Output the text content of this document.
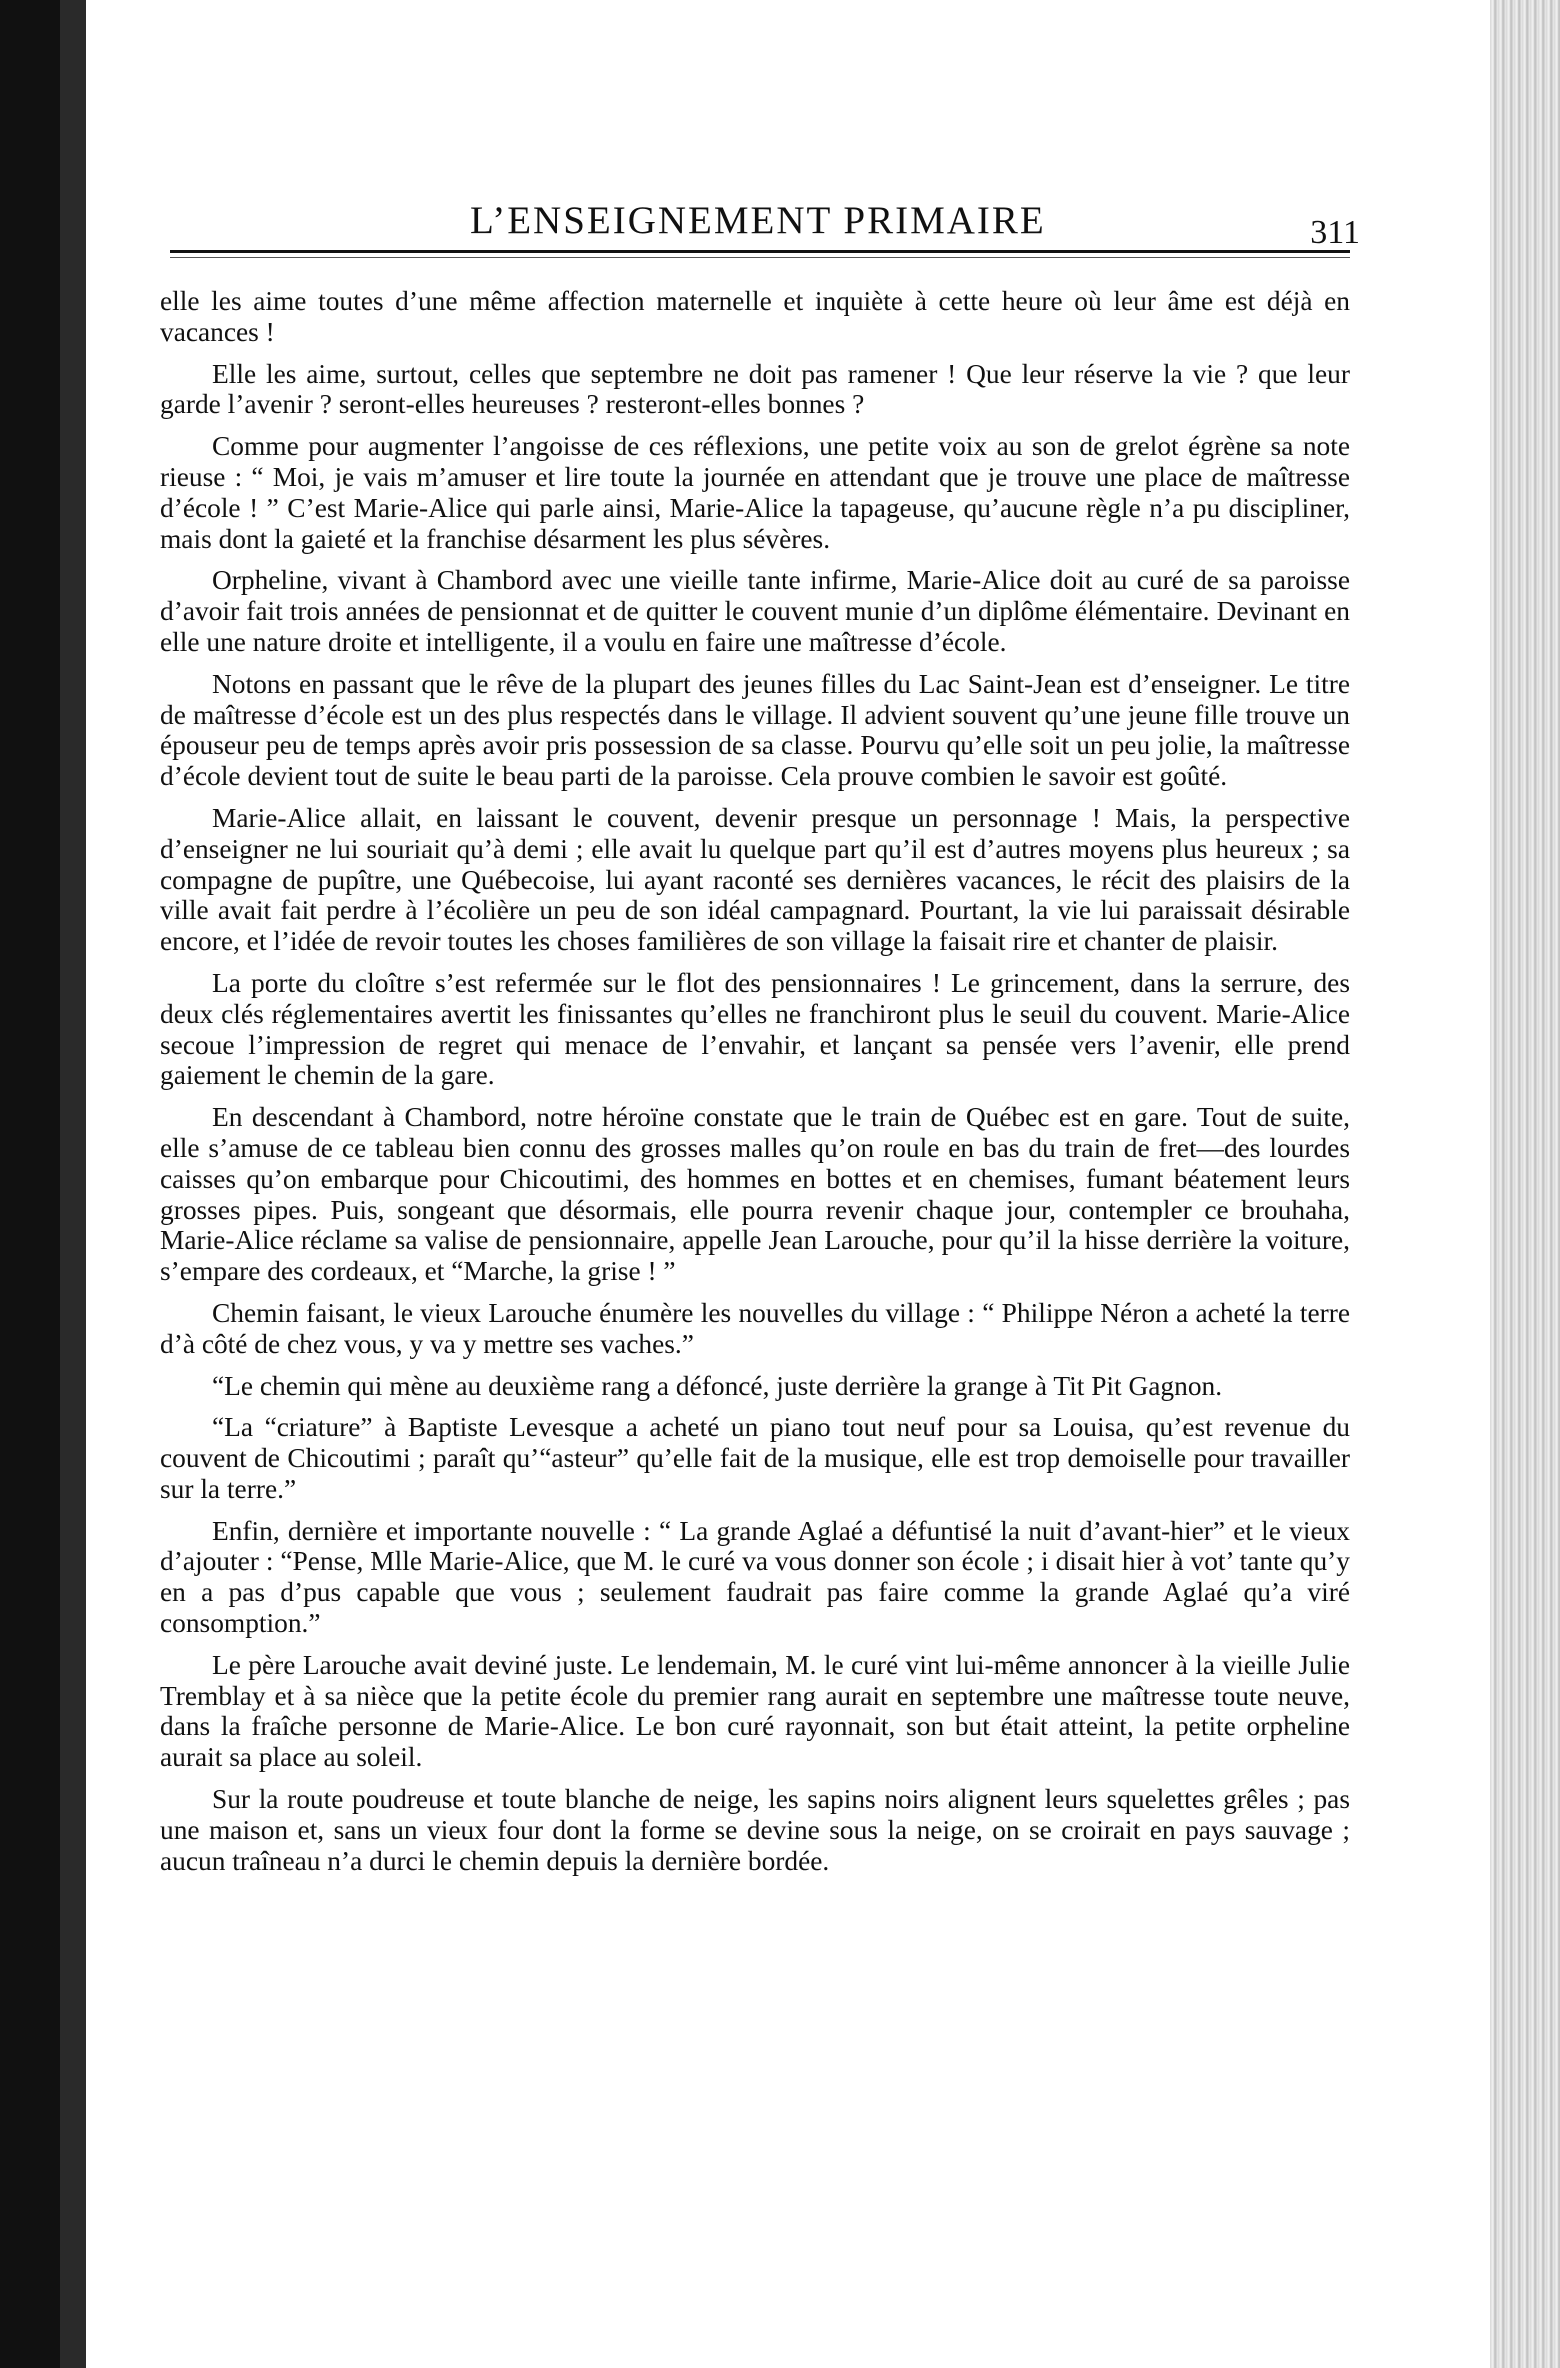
L’ENSEIGNEMENT PRIMAIRE	311

elle les aime toutes d’une même affection maternelle et inquiète à cette heure où leur âme est déjà en vacances !

Elle les aime, surtout, celles que septembre ne doit pas ramener ! Que leur réserve la vie ? que leur garde l’avenir ? seront-elles heureuses ? resteront-elles bonnes ?

Comme pour augmenter l’angoisse de ces réflexions, une petite voix au son de grelot égrène sa note rieuse : “ Moi, je vais m’amuser et lire toute la journée en attendant que je trouve une place de maîtresse d’école ! ” C’est Marie-Alice qui parle ainsi, Marie-Alice la tapageuse, qu’aucune règle n’a pu discipliner, mais dont la gaieté et la franchise désarment les plus sévères.

Orpheline, vivant à Chambord avec une vieille tante infirme, Marie-Alice doit au curé de sa paroisse d’avoir fait trois années de pensionnat et de quitter le couvent munie d’un diplôme élémentaire. Devinant en elle une nature droite et intelligente, il a voulu en faire une maîtresse d’école.

Notons en passant que le rêve de la plupart des jeunes filles du Lac Saint-Jean est d’enseigner. Le titre de maîtresse d’école est un des plus respectés dans le village. Il advient souvent qu’une jeune fille trouve un épouseur peu de temps après avoir pris possession de sa classe. Pourvu qu’elle soit un peu jolie, la maîtresse d’école devient tout de suite le beau parti de la paroisse. Cela prouve combien le savoir est goûté.

Marie-Alice allait, en laissant le couvent, devenir presque un personnage ! Mais, la perspective d’enseigner ne lui souriait qu’à demi ; elle avait lu quelque part qu’il est d’autres moyens plus heureux ; sa compagne de pupître, une Québecoise, lui ayant raconté ses dernières vacances, le récit des plaisirs de la ville avait fait perdre à l’écolière un peu de son idéal campagnard. Pourtant, la vie lui paraissait désirable encore, et l’idée de revoir toutes les choses familières de son village la faisait rire et chanter de plaisir.

La porte du cloître s’est refermée sur le flot des pensionnaires ! Le grincement, dans la serrure, des deux clés réglementaires avertit les finissantes qu’elles ne franchiront plus le seuil du couvent. Marie-Alice secoue l’impression de regret qui menace de l’envahir, et lançant sa pensée vers l’avenir, elle prend gaiement le chemin de la gare.

En descendant à Chambord, notre héroïne constate que le train de Québec est en gare. Tout de suite, elle s’amuse de ce tableau bien connu des grosses malles qu’on roule en bas du train de fret—des lourdes caisses qu’on embarque pour Chicoutimi, des hommes en bottes et en chemises, fumant béatement leurs grosses pipes. Puis, songeant que désormais, elle pourra revenir chaque jour, contempler ce brouhaha, Marie-Alice réclame sa valise de pensionnaire, appelle Jean Larouche, pour qu’il la hisse derrière la voiture, s’empare des cordeaux, et “Marche, la grise ! ”

Chemin faisant, le vieux Larouche énumère les nouvelles du village : “ Philippe Néron a acheté la terre d’à côté de chez vous, y va y mettre ses vaches.”

“Le chemin qui mène au deuxième rang a défoncé, juste derrière la grange à Tit Pit Gagnon.

“La “criature” à Baptiste Levesque a acheté un piano tout neuf pour sa Louisa, qu’est revenue du couvent de Chicoutimi ; paraît qu’“asteur” qu’elle fait de la musique, elle est trop demoiselle pour travailler sur la terre.”

Enfin, dernière et importante nouvelle : “ La grande Aglaé a défuntisé la nuit d’avant-hier” et le vieux d’ajouter : “Pense, Mlle Marie-Alice, que M. le curé va vous donner son école ; i disait hier à vot’ tante qu’y en a pas d’pus capable que vous ; seulement faudrait pas faire comme la grande Aglaé qu’a viré consomption.”

Le père Larouche avait deviné juste. Le lendemain, M. le curé vint lui-même annoncer à la vieille Julie Tremblay et à sa nièce que la petite école du premier rang aurait en septembre une maîtresse toute neuve, dans la fraîche personne de Marie-Alice. Le bon curé rayonnait, son but était atteint, la petite orpheline aurait sa place au soleil.

Sur la route poudreuse et toute blanche de neige, les sapins noirs alignent leurs squelettes grêles ; pas une maison et, sans un vieux four dont la forme se devine sous la neige, on se croirait en pays sauvage ; aucun traîneau n’a durci le chemin depuis la dernière bordée.
